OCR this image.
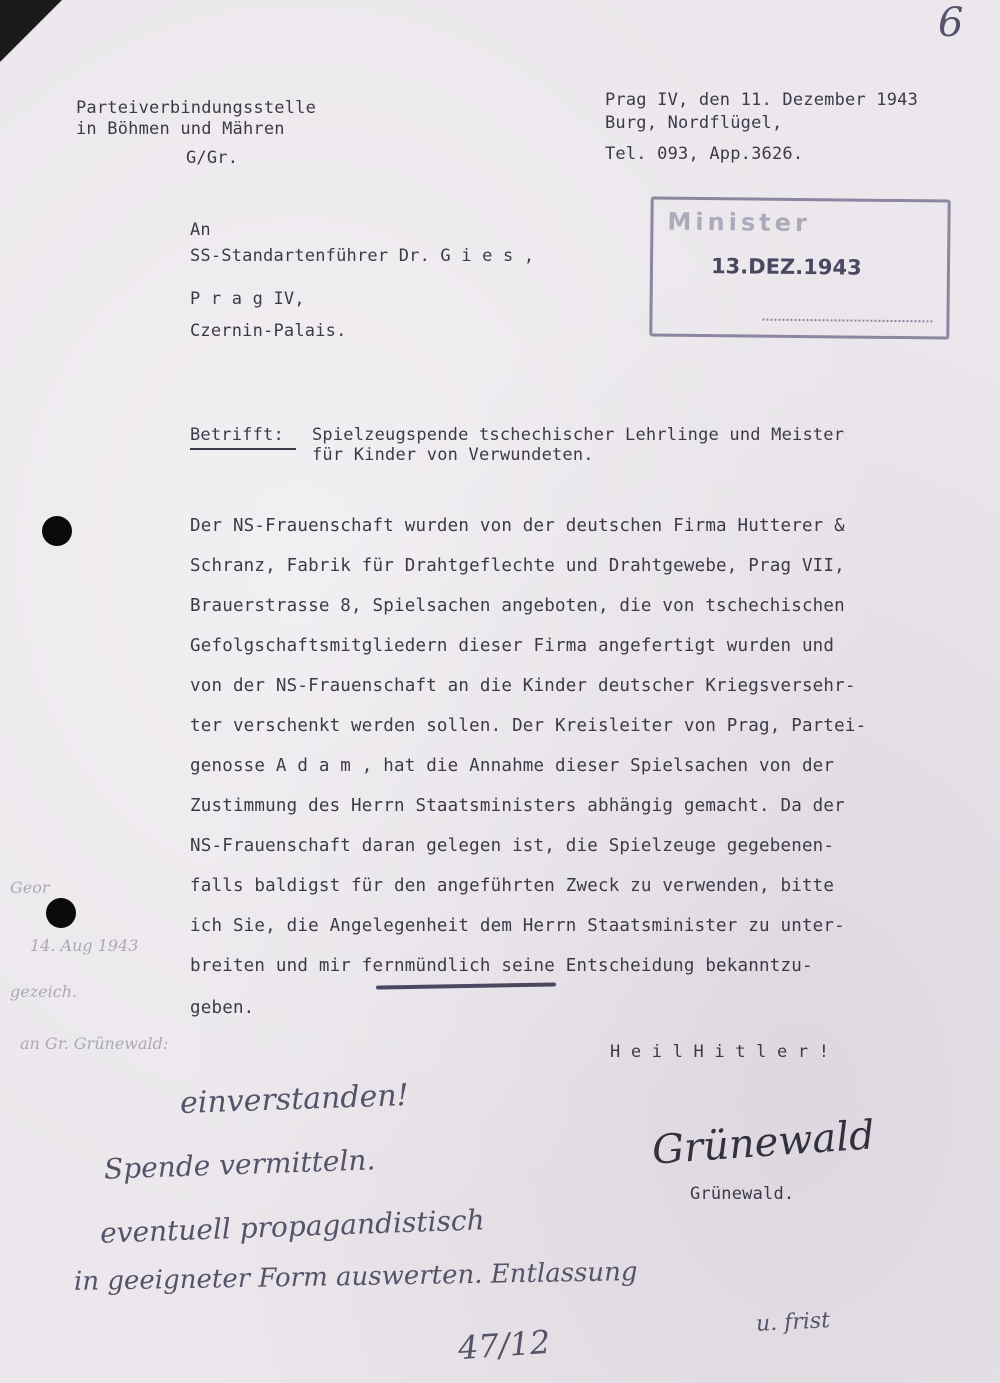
6

Parteiverbindungsstelle

in Böhmen und Mähren

G/Gr.

Prag IV, den 11. Dezember 1943

Burg, Nordflügel,

Tel. 093, App.3626.

Minister
13.DEZ.1943

An

SS-Standartenführer Dr. G i e s ,

P r a g IV,

Czernin-Palais.

Betrifft: Spielzeugspende tschechischer Lehrlinge und Meister

für Kinder von Verwundeten.

Der NS-Frauenschaft wurden von der deutschen Firma Hutterer &

Schranz, Fabrik für Drahtgeflechte und Drahtgewebe, Prag VII,

Brauerstrasse 8, Spielsachen angeboten, die von tschechischen

Gefolgschaftsmitgliedern dieser Firma angefertigt wurden und

von der NS-Frauenschaft an die Kinder deutscher Kriegsversehr-

ter verschenkt werden sollen. Der Kreisleiter von Prag, Partei-

genosse A d a m , hat die Annahme dieser Spielsachen von der

Zustimmung des Herrn Staatsministers abhängig gemacht. Da der

NS-Frauenschaft daran gelegen ist, die Spielzeuge gegebenen-

falls baldigst für den angeführten Zweck zu verwenden, bitte

ich Sie, die Angelegenheit dem Herrn Staatsminister zu unter-

breiten und mir fernmündlich seine Entscheidung bekanntzu-

geben.

H e i l H i t l e r !

Grünewald

Grünewald.

Geor
14. Aug 1943
gezeich.
an Gr. Grünewald:
einverstanden!
Spende vermitteln.
eventuell propagandistisch
in geeigneter Form auswerten. Entlassung
u. frist
47/12
